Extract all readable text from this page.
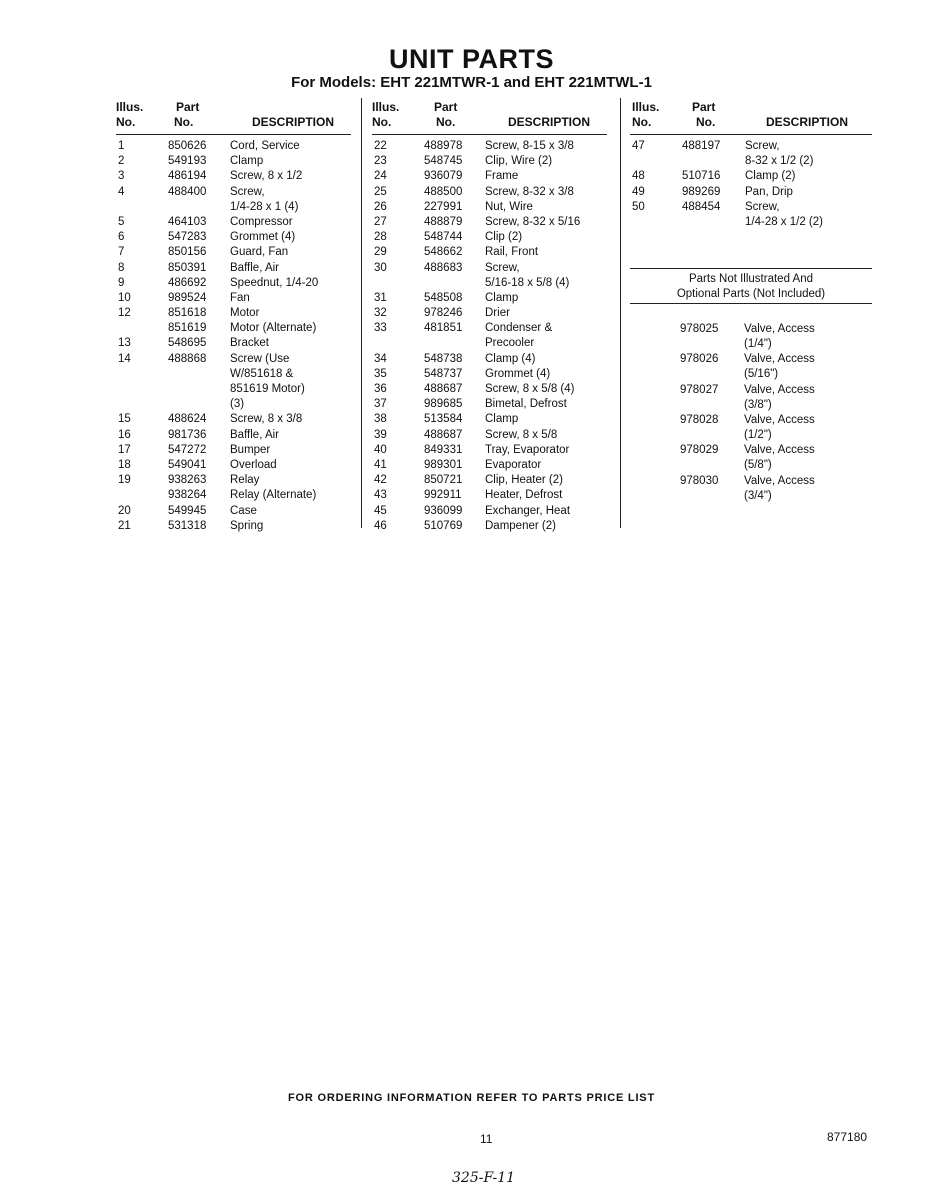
UNIT PARTS
For Models: EHT 221MTWR-1 and EHT 221MTWL-1
Illus.
No.
Part
No.	DESCRIPTION
1	850626 Cord, Service
2	549193 Clamp
3	486194 Screw, 8 x 1/2
4	488400 Screw,
1/4-28 x 1 (4)
5	464103 Compressor
6	547283 Grommet (4)
7	850156 Guard, Fan
8	850391 Baffle, Air
9	486692 Speednut, 1/4-20
10	989524 Fan
12	851618 Motor
851619 Motor (Alternate)
13	548695 Bracket
14	488868 Screw (Use
W/851618 &
851619 Motor)
(3)
15	488624 Screw, 8 x 3/8
16	981736 Baffle, Air
17	547272 Bumper
18	549041 Overload
19	938263 Relay
938264 Relay (Alternate)
20	549945 Case
21	531318 Spring
Illus.
No.
Part
No.	DESCRIPTION
22	488978 Screw, 8-15 x 3/8
23	548745 Clip, Wire (2)
24	936079 Frame
25	488500 Screw, 8-32 x 3/8
26	227991 Nut, Wire
27	488879 Screw, 8-32 x 5/16
28	548744 Clip (2)
29	548662 Rail, Front
30	488683 Screw,
5/16-18 x 5/8 (4)
31	548508 Clamp
32	978246 Drier
33	481851 Condenser &
Precooler
34	548738 Clamp (4)
35	548737 Grommet (4)
36	488687 Screw, 8 x 5/8 (4)
37	989685 Bimetal, Defrost
38	513584 Clamp
39	488687 Screw, 8 x 5/8
40	849331 Tray, Evaporator
41	989301 Evaporator
42	850721 Clip, Heater (2)
43	992911 Heater, Defrost
45	936099 Exchanger, Heat
46	510769 Dampener (2)
Illus.
No.
Part
No.	DESCRIPTION
47	488197 Screw,
8-32 x 1/2 (2)
48	510716 Clamp (2)
49	989269 Pan, Drip
50	488454 Screw,
1/4-28 x 1/2 (2)
Parts Not Illustrated And
Optional Parts (Not Included)
978025 Valve, Access
(1/4")
978026 Valve, Access
(5/16")
978027 Valve, Access
(3/8")
978028 Valve, Access
(1/2")
978029 Valve, Access
(5/8")
978030 Valve, Access
(3/4")
FOR ORDERING INFORMATION REFER TO PARTS PRICE LIST
11	877180
325-F-11
